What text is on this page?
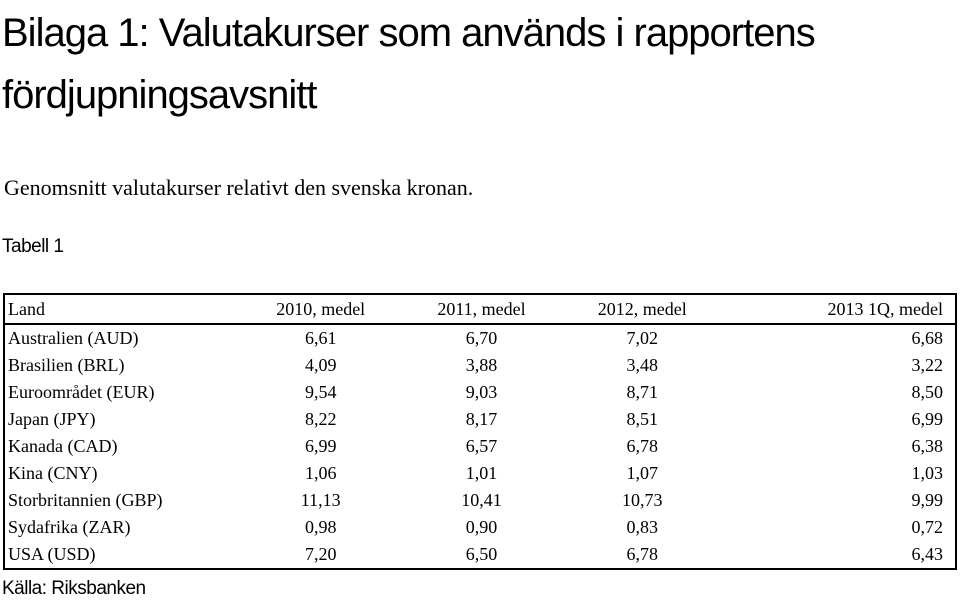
Bilaga 1: Valutakurser som används i rapportens fördjupningsavsnitt
Genomsnitt valutakurser relativt den svenska kronan.
Tabell 1
Land	2010, medel	2011, medel	2012, medel	2013 1Q, medel
Australien (AUD)	6,61	6,70	7,02	6,68
Brasilien (BRL)	4,09	3,88	3,48	3,22
Euroområdet (EUR)	9,54	9,03	8,71	8,50
Japan (JPY)	8,22	8,17	8,51	6,99
Kanada (CAD)	6,99	6,57	6,78	6,38
Kina (CNY)	1,06	1,01	1,07	1,03
Storbritannien (GBP)	11,13	10,41	10,73	9,99
Sydafrika (ZAR)	0,98	0,90	0,83	0,72
USA (USD)	7,20	6,50	6,78	6,43
Källa: Riksbanken
